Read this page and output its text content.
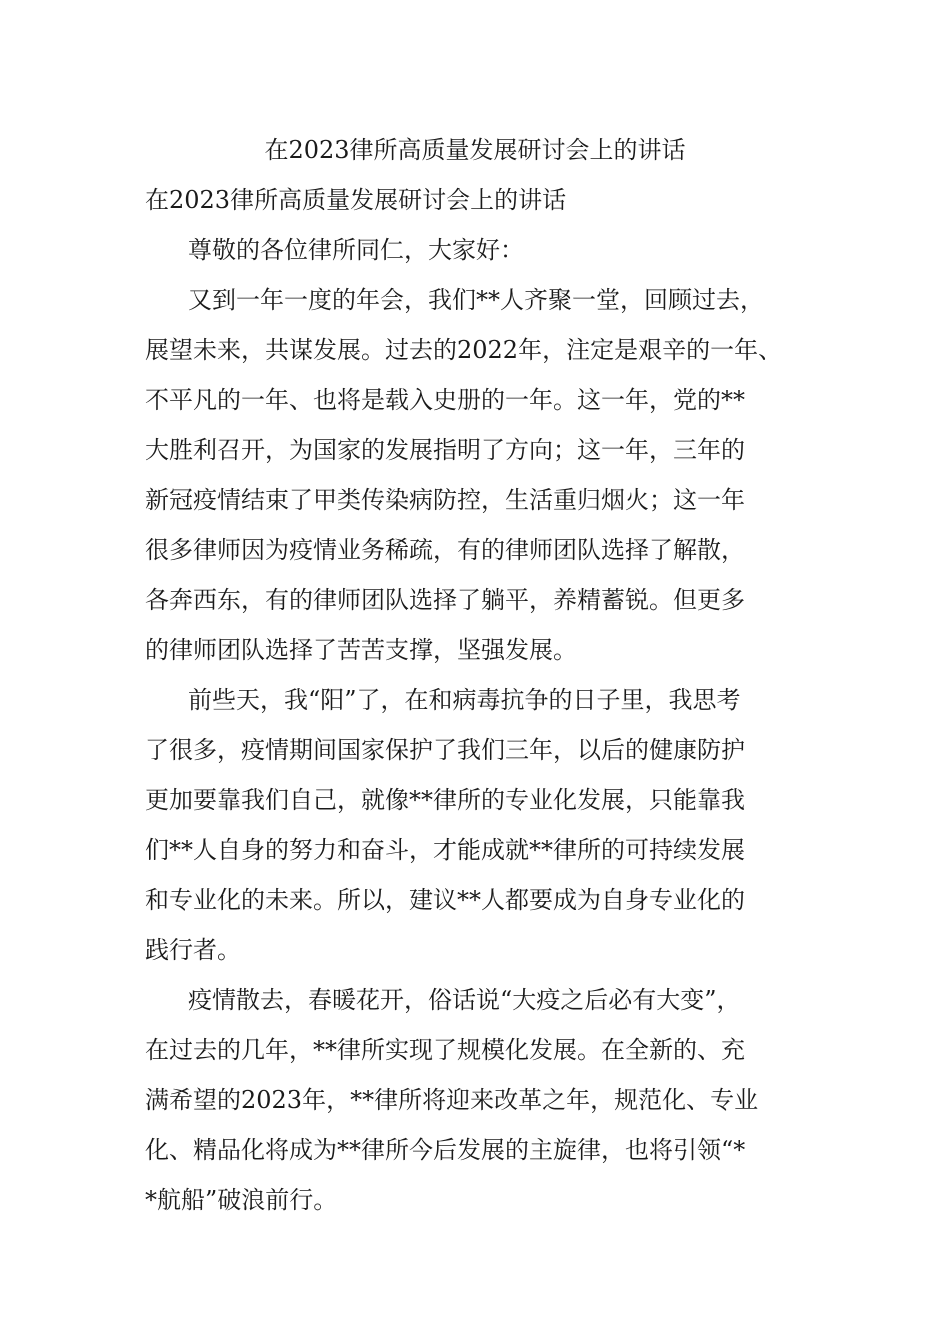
在2023律所高质量发展研讨会上的讲话

在2023律所高质量发展研讨会上的讲话

尊敬的各位律所同仁，大家好：

又到一年一度的年会，我们**人齐聚一堂，回顾过去，

展望未来，共谋发展。过去的2022年，注定是艰辛的一年、

不平凡的一年、也将是载入史册的一年。这一年，党的**

大胜利召开，为国家的发展指明了方向；这一年，三年的

新冠疫情结束了甲类传染病防控，生活重归烟火；这一年

很多律师因为疫情业务稀疏，有的律师团队选择了解散，

各奔西东，有的律师团队选择了躺平，养精蓄锐。但更多

的律师团队选择了苦苦支撑，坚强发展。

前些天，我“阳”了，在和病毒抗争的日子里，我思考

了很多，疫情期间国家保护了我们三年，以后的健康防护

更加要靠我们自己，就像**律所的专业化发展，只能靠我

们**人自身的努力和奋斗，才能成就**律所的可持续发展

和专业化的未来。所以，建议**人都要成为自身专业化的

践行者。

疫情散去，春暖花开，俗话说“大疫之后必有大变”，

在过去的几年，**律所实现了规模化发展。在全新的、充

满希望的2023年，**律所将迎来改革之年，规范化、专业

化、精品化将成为**律所今后发展的主旋律，也将引领“*

*航船”破浪前行。
